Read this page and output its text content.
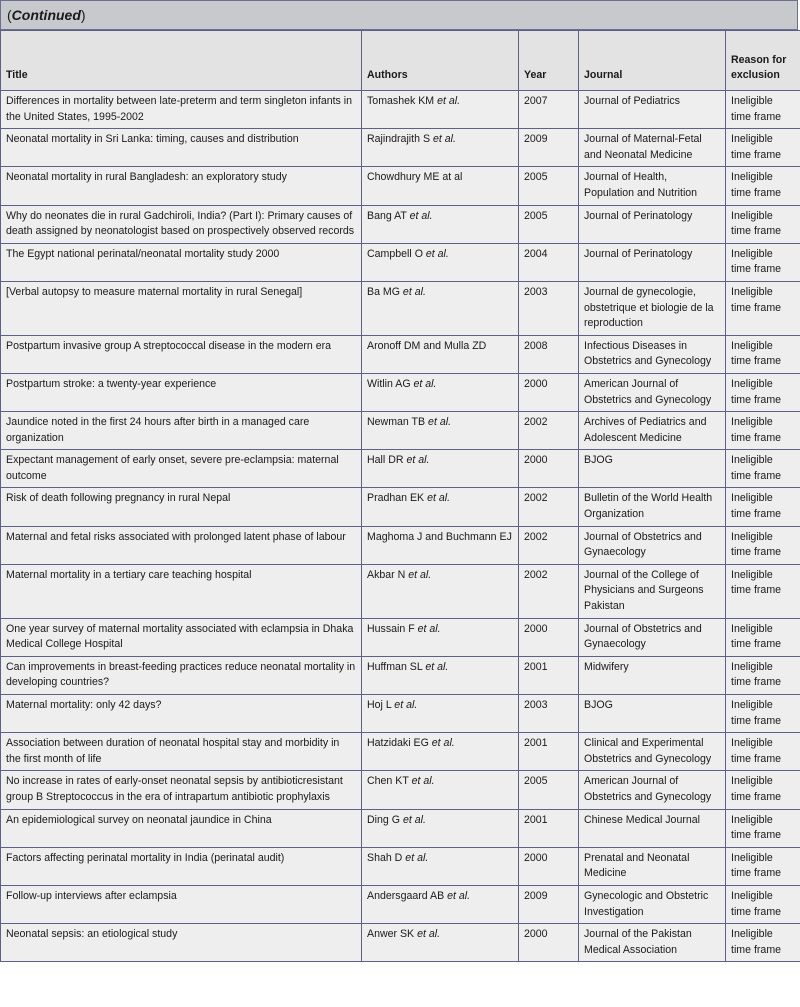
( Continued )
Title	Authors	Year	Journal	Reason for exclusion
Differences in mortality between late-preterm and term singleton infants in the United States, 1995-2002	Tomashek KM et al.	2007	Journal of Pediatrics	Ineligible time frame
Neonatal mortality in Sri Lanka: timing, causes and distribution	Rajindrajith S et al.	2009	Journal of Maternal-Fetal and Neonatal Medicine	Ineligible time frame
Neonatal mortality in rural Bangladesh: an exploratory study	Chowdhury ME at al	2005	Journal of Health, Population and Nutrition	Ineligible time frame
Why do neonates die in rural Gadchiroli, India? (Part I): Primary causes of death assigned by neonatologist based on prospectively observed records	Bang AT et al.	2005	Journal of Perinatology	Ineligible time frame
The Egypt national perinatal/neonatal mortality study 2000	Campbell O et al.	2004	Journal of Perinatology	Ineligible time frame
[Verbal autopsy to measure maternal mortality in rural Senegal]	Ba MG et al.	2003	Journal de gynecologie, obstetrique et biologie de la reproduction	Ineligible time frame
Postpartum invasive group A streptococcal disease in the modern era	Aronoff DM and Mulla ZD	2008	Infectious Diseases in Obstetrics and Gynecology	Ineligible time frame
Postpartum stroke: a twenty-year experience	Witlin AG et al.	2000	American Journal of Obstetrics and Gynecology	Ineligible time frame
Jaundice noted in the first 24 hours after birth in a managed care organization	Newman TB et al.	2002	Archives of Pediatrics and Adolescent Medicine	Ineligible time frame
Expectant management of early onset, severe pre-eclampsia: maternal outcome	Hall DR et al.	2000	BJOG	Ineligible time frame
Risk of death following pregnancy in rural Nepal	Pradhan EK et al.	2002	Bulletin of the World Health Organization	Ineligible time frame
Maternal and fetal risks associated with prolonged latent phase of labour	Maghoma J and Buchmann EJ	2002	Journal of Obstetrics and Gynaecology	Ineligible time frame
Maternal mortality in a tertiary care teaching hospital	Akbar N et al.	2002	Journal of the College of Physicians and Surgeons Pakistan	Ineligible time frame
One year survey of maternal mortality associated with eclampsia in Dhaka Medical College Hospital	Hussain F et al.	2000	Journal of Obstetrics and Gynaecology	Ineligible time frame
Can improvements in breast-feeding practices reduce neonatal mortality in developing countries?	Huffman SL et al.	2001	Midwifery	Ineligible time frame
Maternal mortality: only 42 days?	Hoj L et al.	2003	BJOG	Ineligible time frame
Association between duration of neonatal hospital stay and morbidity in the first month of life	Hatzidaki EG et al.	2001	Clinical and Experimental Obstetrics and Gynecology	Ineligible time frame
No increase in rates of early-onset neonatal sepsis by antibioticresistant group B Streptococcus in the era of intrapartum antibiotic prophylaxis	Chen KT et al.	2005	American Journal of Obstetrics and Gynecology	Ineligible time frame
An epidemiological survey on neonatal jaundice in China	Ding G et al.	2001	Chinese Medical Journal	Ineligible time frame
Factors affecting perinatal mortality in India (perinatal audit)	Shah D et al.	2000	Prenatal and Neonatal Medicine	Ineligible time frame
Follow-up interviews after eclampsia	Andersgaard AB et al.	2009	Gynecologic and Obstetric Investigation	Ineligible time frame
Neonatal sepsis: an etiological study	Anwer SK et al.	2000	Journal of the Pakistan Medical Association	Ineligible time frame
